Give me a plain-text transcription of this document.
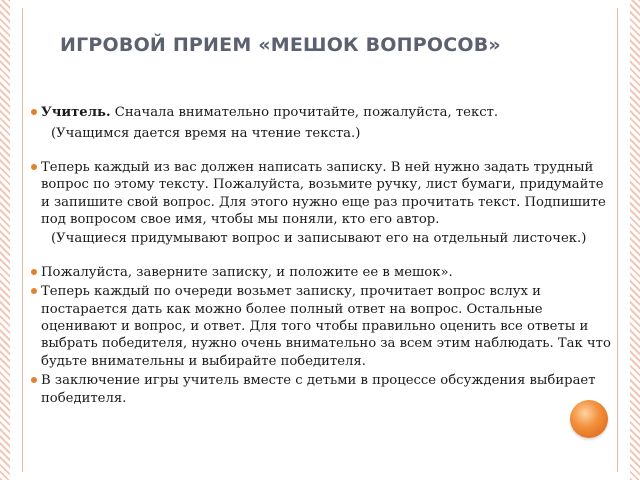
ИГРОВОЙ ПРИЕМ «МЕШОК ВОПРОСОВ»
Учитель. Сначала внимательно прочитайте, пожалуйста, текст.
(Учащимся дается время на чтение текста.)
Теперь каждый из вас должен написать записку. В ней нужно задать трудный вопрос по этому тексту. Пожалуйста, возьмите ручку, лист бумаги, придумайте и запишите свой вопрос. Для этого нужно еще раз прочитать текст. Подпишите под вопросом свое имя, чтобы мы поняли, кто его автор.
(Учащиеся придумывают вопрос и записывают его на отдельный листочек.)
Пожалуйста, заверните записку, и положите ее в мешок».
Теперь каждый по очереди возьмет записку, прочитает вопрос вслух и постарается дать как можно более полный ответ на вопрос. Остальные оценивают и вопрос, и ответ. Для того чтобы правильно оценить все ответы и выбрать победителя, нужно очень внимательно за всем этим наблюдать. Так что будьте внимательны и выбирайте победителя.
В заключение игры учитель вместе с детьми в процессе обсуждения выбирает победителя.
